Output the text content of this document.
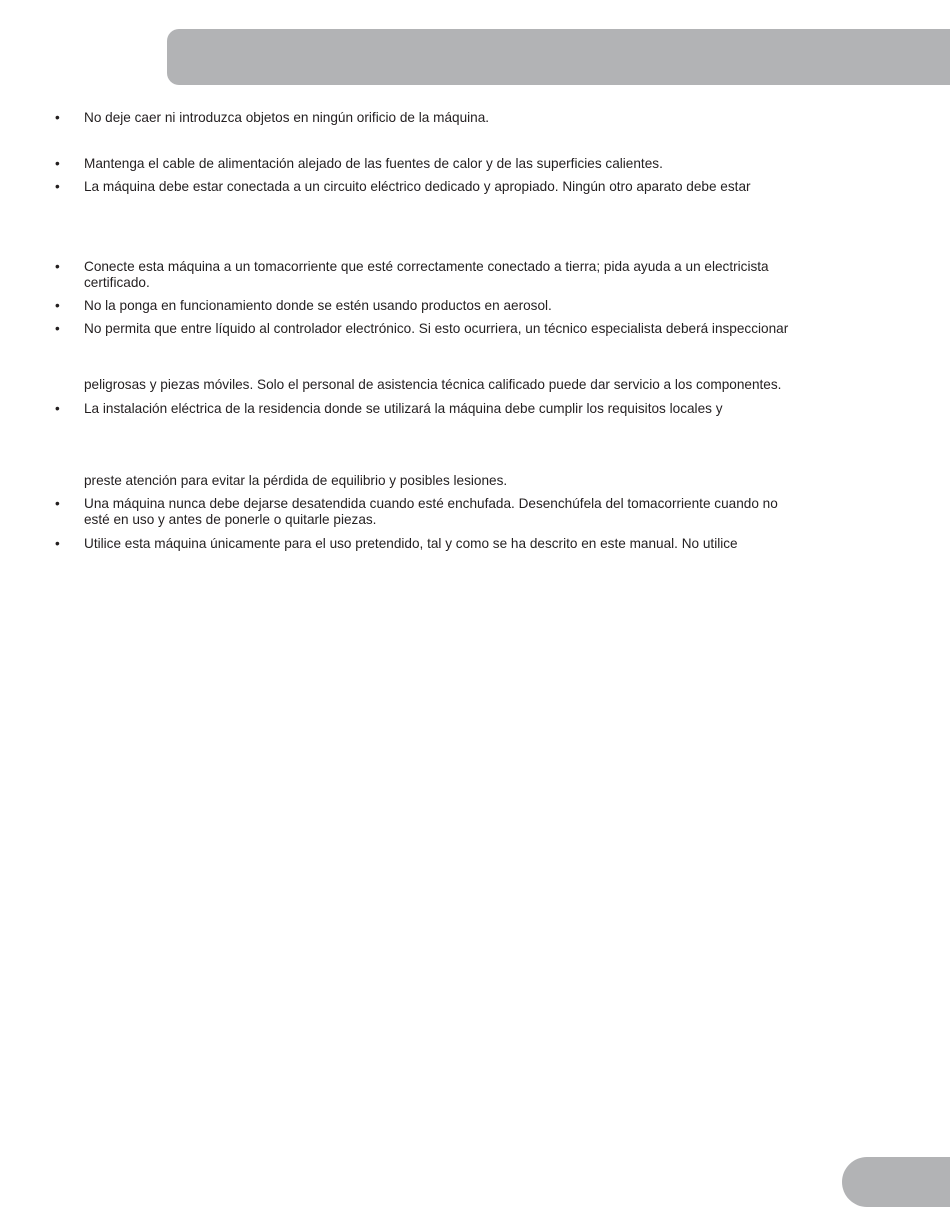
•	No deje caer ni introduzca objetos en ningún orificio de la máquina.
•	Mantenga el cable de alimentación alejado de las fuentes de calor y de las superficies calientes.
•	La máquina debe estar conectada a un circuito eléctrico dedicado y apropiado. Ningún otro aparato debe estar
•	Conecte esta máquina a un tomacorriente que esté correctamente conectado a tierra; pida ayuda a un electricista
certificado.
•	No la ponga en funcionamiento donde se estén usando productos en aerosol.
•	No permita que entre líquido al controlador electrónico. Si esto ocurriera, un técnico especialista deberá inspeccionar
peligrosas y piezas móviles. Solo el personal de asistencia técnica calificado puede dar servicio a los componentes.
•	La instalación eléctrica de la residencia donde se utilizará la máquina debe cumplir los requisitos locales y
preste atención para evitar la pérdida de equilibrio y posibles lesiones.
•	Una máquina nunca debe dejarse desatendida cuando esté enchufada. Desenchúfela del tomacorriente cuando no
esté en uso y antes de ponerle o quitarle piezas.
•	Utilice esta máquina únicamente para el uso pretendido, tal y como se ha descrito en este manual. No utilice
